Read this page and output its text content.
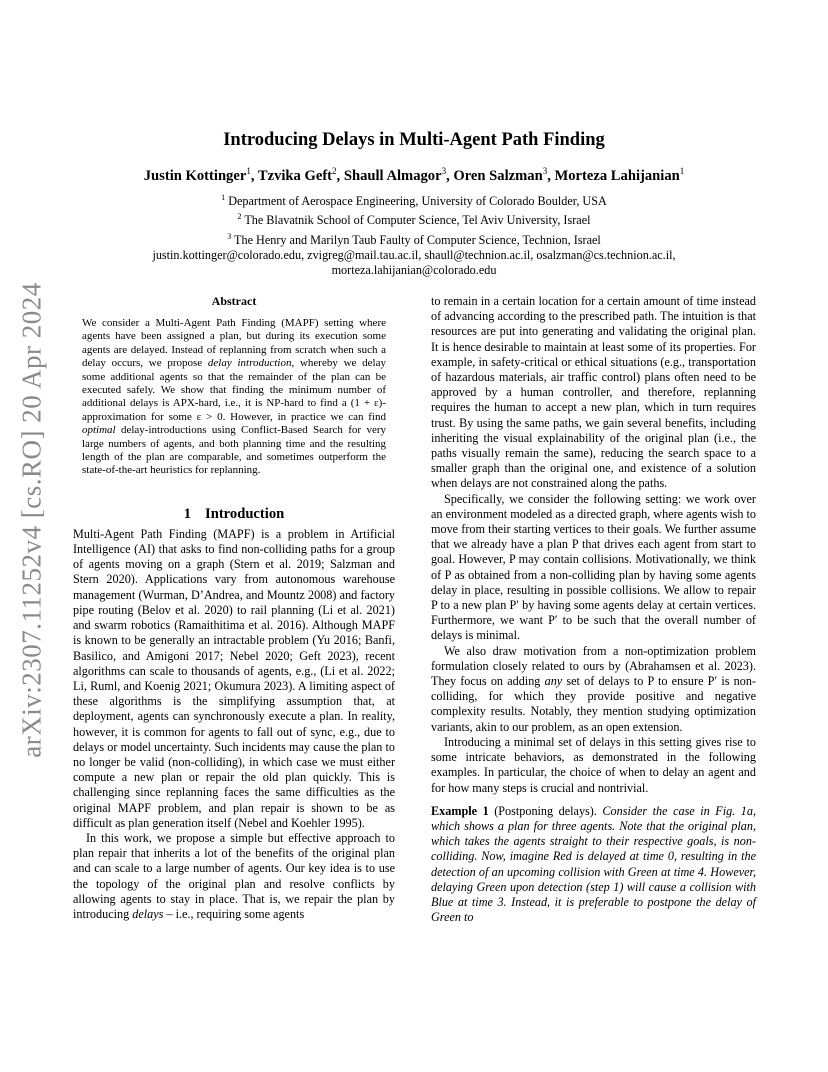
arXiv:2307.11252v4 [cs.RO] 20 Apr 2024
Introducing Delays in Multi-Agent Path Finding
Justin Kottinger$^1$, Tzvika Geft$^2$, Shaull Almagor$^3$, Oren Salzman$^3$, Morteza Lahijanian$^1$
$^1$ Department of Aerospace Engineering, University of Colorado Boulder, USA
$^2$ The Blavatnik School of Computer Science, Tel Aviv University, Israel
$^3$ The Henry and Marilyn Taub Faulty of Computer Science, Technion, Israel
justin.kottinger@colorado.edu, zvigreg@mail.tau.ac.il, shaull@technion.ac.il, osalzman@cs.technion.ac.il,
morteza.lahijanian@colorado.edu
Abstract
We consider a Multi-Agent Path Finding (MAPF) setting where agents have been assigned a plan, but during its execution some agents are delayed. Instead of replanning from scratch when such a delay occurs, we propose delay introduction, whereby we delay some additional agents so that the remainder of the plan can be executed safely. We show that finding the minimum number of additional delays is APX-hard, i.e., it is NP-hard to find a (1 + ε)-approximation for some ε > 0. However, in practice we can find optimal delay-introductions using Conflict-Based Search for very large numbers of agents, and both planning time and the resulting length of the plan are comparable, and sometimes outperform the state-of-the-art heuristics for replanning.
1 Introduction

Multi-Agent Path Finding (MAPF) is a problem in Artificial Intelligence (AI) that asks to find non-colliding paths for a group of agents moving on a graph (Stern et al. 2019; Salzman and Stern 2020). Applications vary from autonomous warehouse management (Wurman, D’Andrea, and Mountz 2008) and factory pipe routing (Belov et al. 2020) to rail planning (Li et al. 2021) and swarm robotics (Ramaithitima et al. 2016). Although MAPF is known to be generally an intractable problem (Yu 2016; Banfi, Basilico, and Amigoni 2017; Nebel 2020; Geft 2023), recent algorithms can scale to thousands of agents, e.g., (Li et al. 2022; Li, Ruml, and Koenig 2021; Okumura 2023). A limiting aspect of these algorithms is the simplifying assumption that, at deployment, agents can synchronously execute a plan. In reality, however, it is common for agents to fall out of sync, e.g., due to delays or model uncertainty. Such incidents may cause the plan to no longer be valid (non-colliding), in which case we must either compute a new plan or repair the old plan quickly. This is challenging since replanning faces the same difficulties as the original MAPF problem, and plan repair is shown to be as difficult as plan generation itself (Nebel and Koehler 1995).

In this work, we propose a simple but effective approach to plan repair that inherits a lot of the benefits of the original plan and can scale to a large number of agents. Our key idea is to use the topology of the original plan and resolve conflicts by allowing agents to stay in place. That is, we repair the plan by introducing delays – i.e., requiring some agents

to remain in a certain location for a certain amount of time instead of advancing according to the prescribed path. The intuition is that resources are put into generating and validating the original plan. It is hence desirable to maintain at least some of its properties. For example, in safety-critical or ethical situations (e.g., transportation of hazardous materials, air traffic control) plans often need to be approved by a human controller, and therefore, replanning requires the human to accept a new plan, which in turn requires trust. By using the same paths, we gain several benefits, including inheriting the visual explainability of the original plan (i.e., the paths visually remain the same), reducing the search space to a smaller graph than the original one, and existence of a solution when delays are not constrained along the paths.

Specifically, we consider the following setting: we work over an environment modeled as a directed graph, where agents wish to move from their starting vertices to their goals. We further assume that we already have a plan P that drives each agent from start to goal. However, P may contain collisions. Motivationally, we think of P as obtained from a non-colliding plan by having some agents delay in place, resulting in possible collisions. We allow to repair P to a new plan P′ by having some agents delay at certain vertices. Furthermore, we want P′ to be such that the overall number of delays is minimal.

We also draw motivation from a non-optimization problem formulation closely related to ours by (Abrahamsen et al. 2023). They focus on adding any set of delays to P to ensure P′ is non-colliding, for which they provide positive and negative complexity results. Notably, they mention studying optimization variants, akin to our problem, as an open extension.

Introducing a minimal set of delays in this setting gives rise to some intricate behaviors, as demonstrated in the following examples. In particular, the choice of when to delay an agent and for how many steps is crucial and nontrivial.

Example 1 (Postponing delays). Consider the case in Fig. 1a, which shows a plan for three agents. Note that the original plan, which takes the agents straight to their respective goals, is non-colliding. Now, imagine Red is delayed at time 0, resulting in the detection of an upcoming collision with Green at time 4. However, delaying Green upon detection (step 1) will cause a collision with Blue at time 3. Instead, it is preferable to postpone the delay of Green to
